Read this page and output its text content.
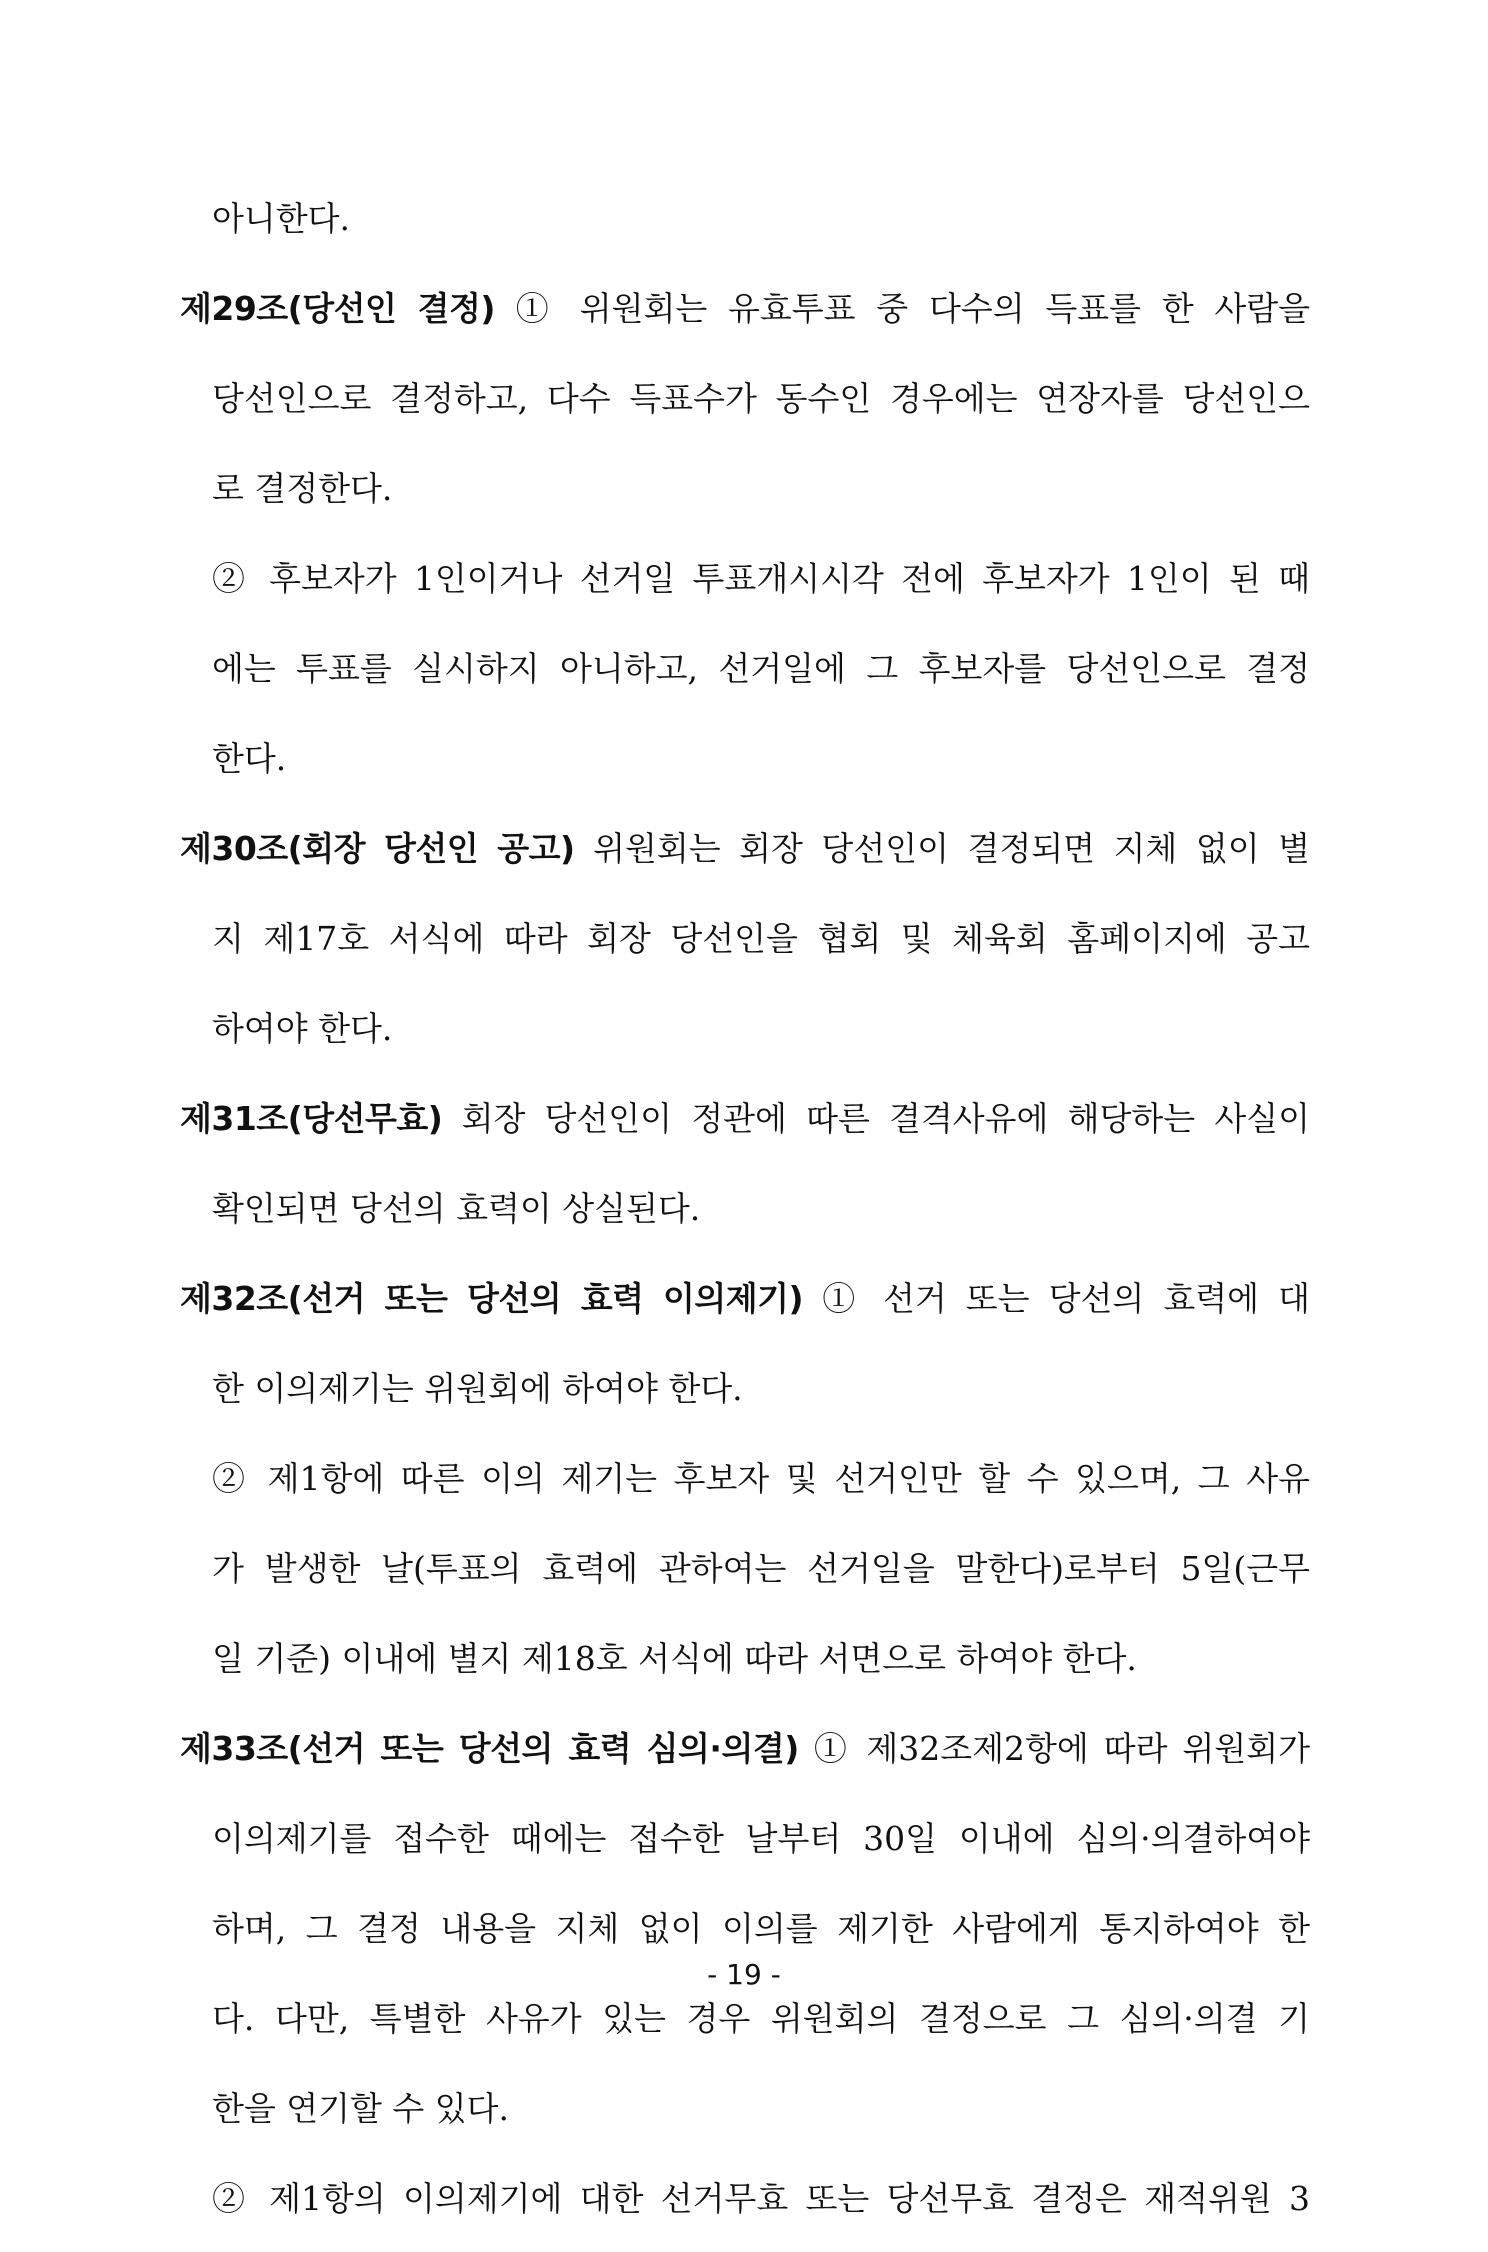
아니한다.
제29조(당선인 결정) ① 위원회는 유효투표 중 다수의 득표를 한 사람을
당선인으로 결정하고, 다수 득표수가 동수인 경우에는 연장자를 당선인으
로 결정한다.
② 후보자가 1인이거나 선거일 투표개시시각 전에 후보자가 1인이 된 때
에는 투표를 실시하지 아니하고, 선거일에 그 후보자를 당선인으로 결정
한다.
제30조(회장 당선인 공고) 위원회는 회장 당선인이 결정되면 지체 없이 별
지 제17호 서식에 따라 회장 당선인을 협회 및 체육회 홈페이지에 공고
하여야 한다.
제31조(당선무효) 회장 당선인이 정관에 따른 결격사유에 해당하는 사실이
확인되면 당선의 효력이 상실된다.
제32조(선거 또는 당선의 효력 이의제기) ① 선거 또는 당선의 효력에 대
한 이의제기는 위원회에 하여야 한다.
② 제1항에 따른 이의 제기는 후보자 및 선거인만 할 수 있으며, 그 사유
가 발생한 날(투표의 효력에 관하여는 선거일을 말한다)로부터 5일(근무
일 기준) 이내에 별지 제18호 서식에 따라 서면으로 하여야 한다.
제33조(선거 또는 당선의 효력 심의·의결) ① 제32조제2항에 따라 위원회가
이의제기를 접수한 때에는 접수한 날부터 30일 이내에 심의·의결하여야
하며, 그 결정 내용을 지체 없이 이의를 제기한 사람에게 통지하여야 한
다. 다만, 특별한 사유가 있는 경우 위원회의 결정으로 그 심의·의결 기
한을 연기할 수 있다.
② 제1항의 이의제기에 대한 선거무효 또는 당선무효 결정은 재적위원 3
- 19 -
